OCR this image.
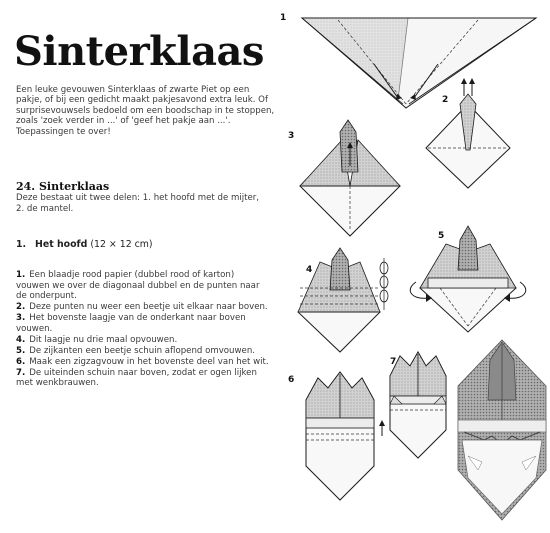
Sinterklaas
Een leuke gevouwen Sinterklaas of zwarte Piet op een pakje, of bij een gedicht maakt pakjesavond extra leuk. Of surprisevouwsels bedoeld om een boodschap in te stoppen, zoals 'zoek verder in ...' of 'geef het pakje aan ...'. Toepassingen te over!
24. Sinterklaas
Deze bestaat uit twee delen: 1. het hoofd met de mijter, 2. de mantel.
1. Het hoofd (12 × 12 cm)
1. Een blaadje rood papier (dubbel rood of karton) vouwen we over de diagonaal dubbel en de punten naar de onderpunt.
2. Deze punten nu weer een beetje uit elkaar naar boven.
3. Het bovenste laagje van de onderkant naar boven vouwen.
4. Dit laagje nu drie maal opvouwen.
5. De zijkanten een beetje schuin aflopend omvouwen.
6. Maak een zigzagvouw in het bovenste deel van het wit.
7. De uiteinden schuin naar boven, zodat er ogen lijken met wenkbrauwen.
1
2
3
4
5
6
7
